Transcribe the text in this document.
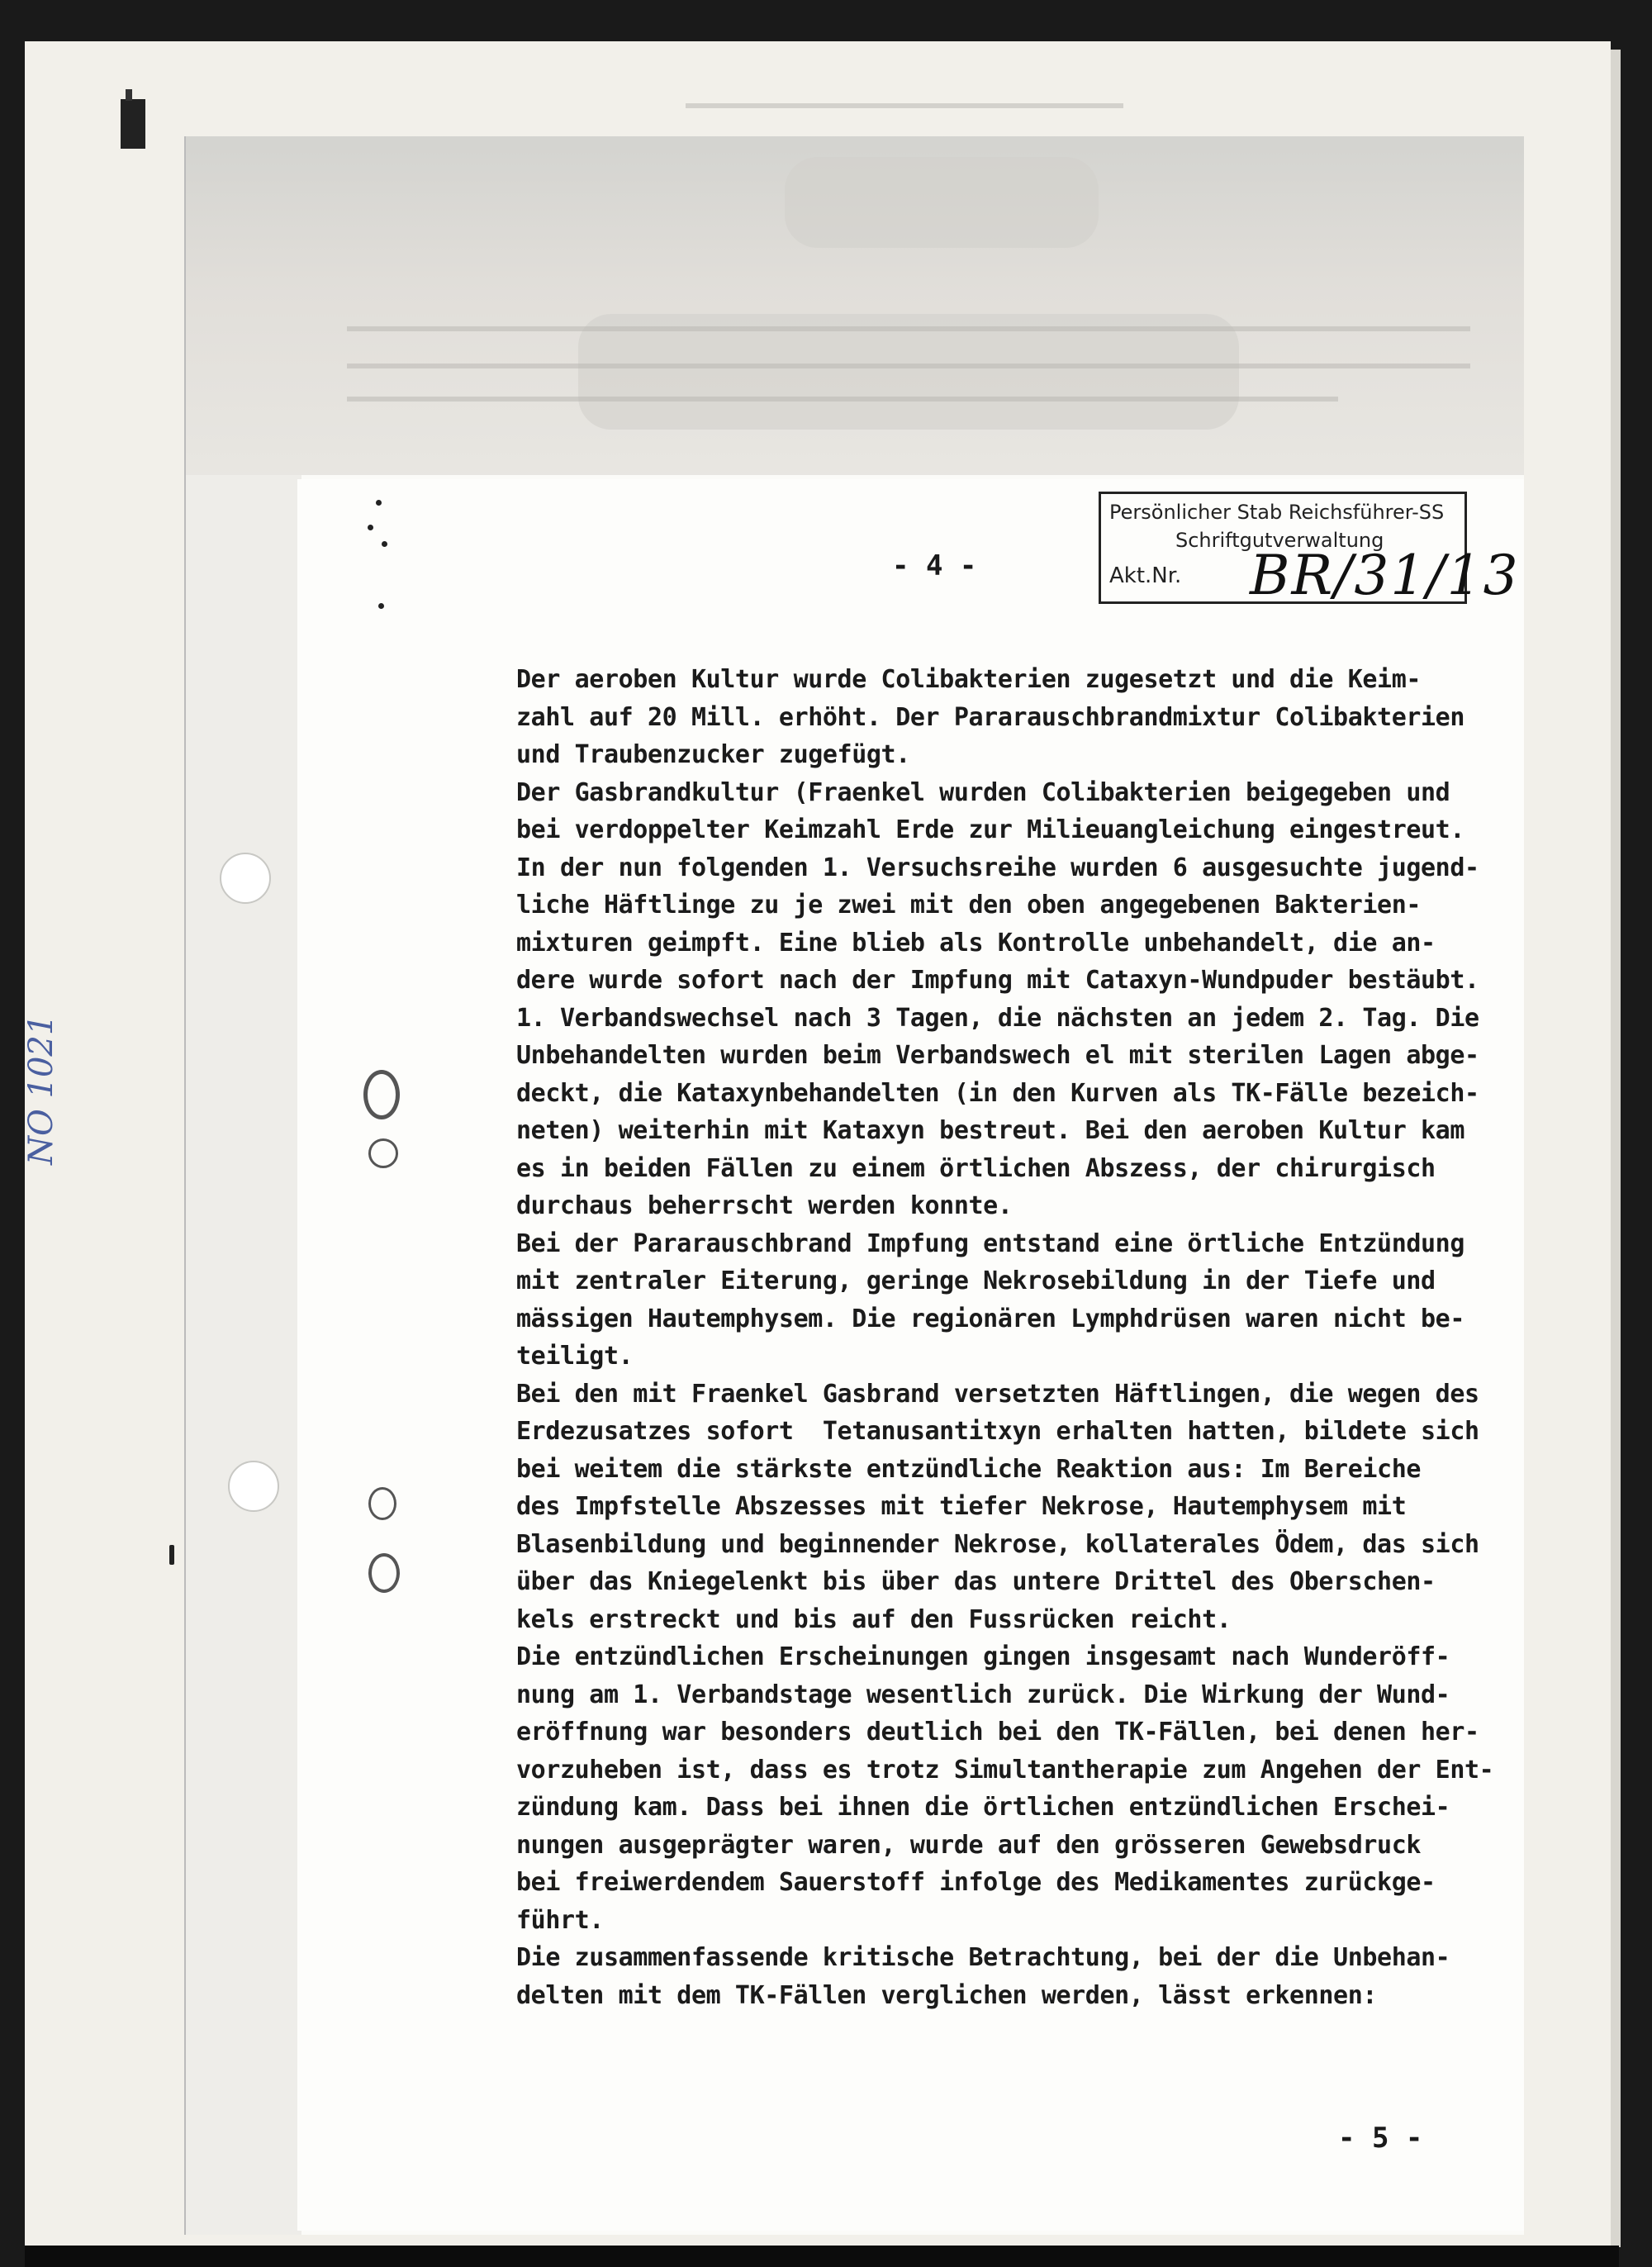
NO 1021
- 4 -
Persönlicher Stab Reichsführer-SS
Schriftgutverwaltung
Akt.Nr. BR/31/13
Der aeroben Kultur wurde Colibakterien zugesetzt und die Keim-
zahl auf 20 Mill. erhöht. Der Pararauschbrandmixtur Colibakterien
und Traubenzucker zugefügt.
Der Gasbrandkultur (Fraenkel wurden Colibakterien beigegeben und
bei verdoppelter Keimzahl Erde zur Milieuangleichung eingestreut.
In der nun folgenden 1. Versuchsreihe wurden 6 ausgesuchte jugend-
liche Häftlinge zu je zwei mit den oben angegebenen Bakterien-
mixturen geimpft. Eine blieb als Kontrolle unbehandelt, die an-
dere wurde sofort nach der Impfung mit Cataxyn-Wundpuder bestäubt.
1. Verbandswechsel nach 3 Tagen, die nächsten an jedem 2. Tag. Die
Unbehandelten wurden beim Verbandswech el mit sterilen Lagen abge-
deckt, die Kataxynbehandelten (in den Kurven als TK-Fälle bezeich-
neten) weiterhin mit Kataxyn bestreut. Bei den aeroben Kultur kam
es in beiden Fällen zu einem örtlichen Abszess, der chirurgisch
durchaus beherrscht werden konnte.
Bei der Pararauschbrand Impfung entstand eine örtliche Entzündung
mit zentraler Eiterung, geringe Nekrosebildung in der Tiefe und
mässigen Hautemphysem. Die regionären Lymphdrüsen waren nicht be-
teiligt.
Bei den mit Fraenkel Gasbrand versetzten Häftlingen, die wegen des
Erdezusatzes sofort  Tetanusantitxyn erhalten hatten, bildete sich
bei weitem die stärkste entzündliche Reaktion aus: Im Bereiche
des Impfstelle Abszesses mit tiefer Nekrose, Hautemphysem mit
Blasenbildung und beginnender Nekrose, kollaterales Ödem, das sich
über das Kniegelenkt bis über das untere Drittel des Oberschen-
kels erstreckt und bis auf den Fussrücken reicht.
Die entzündlichen Erscheinungen gingen insgesamt nach Wunderöff-
nung am 1. Verbandstage wesentlich zurück. Die Wirkung der Wund-
eröffnung war besonders deutlich bei den TK-Fällen, bei denen her-
vorzuheben ist, dass es trotz Simultantherapie zum Angehen der Ent-
zündung kam. Dass bei ihnen die örtlichen entzündlichen Erschei-
nungen ausgeprägter waren, wurde auf den grösseren Gewebsdruck
bei freiwerdendem Sauerstoff infolge des Medikamentes zurückge-
führt.
Die zusammenfassende kritische Betrachtung, bei der die Unbehan-
delten mit dem TK-Fällen verglichen werden, lässt erkennen:
- 5 -
